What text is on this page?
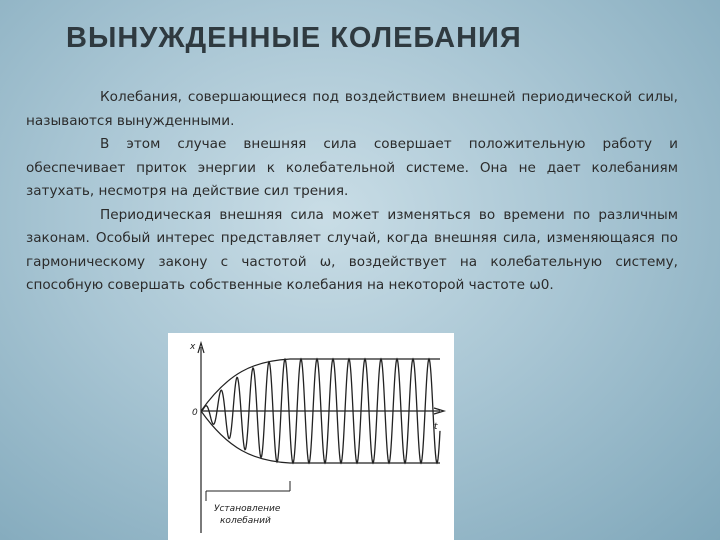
ВЫНУЖДЕННЫЕ КОЛЕБАНИЯ

Колебания, совершающиеся под воздействием внешней периодической силы, называются вынужденными.

В этом случае внешняя сила совершает положительную работу и обеспечивает приток энергии к колебательной системе. Она не дает колебаниям затухать, несмотря на действие сил трения.

Периодическая внешняя сила может изменяться во времени по различным законам. Особый интерес представляет случай, когда внешняя сила, изменяющаяся по гармоническому закону с частотой ω, воздействует на колебательную систему, способную совершать собственные колебания на некоторой частоте ω0.

x
t
0
Установление
колебаний
